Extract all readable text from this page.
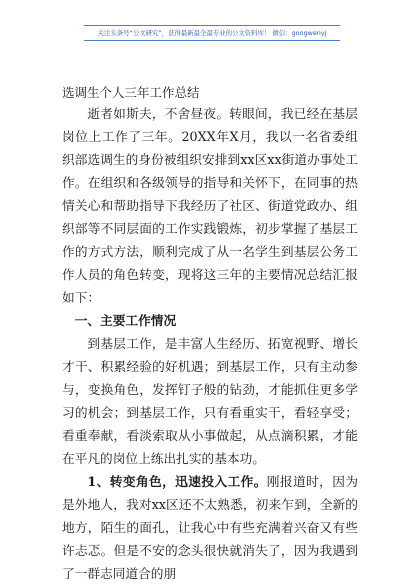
关注头条号“公文研究”，获得最新最全最专业的公文资料库！ 微信：gongwenyj
选调生个人三年工作总结

逝者如斯夫，不舍昼夜。转眼间，我已经在基层岗位上工作了三年。20XX年X月，我以一名省委组织部选调生的身份被组织安排到xx区xx街道办事处工作。在组织和各级领导的指导和关怀下，在同事的热情关心和帮助指导下我经历了社区、街道党政办、组织部等不同层面的工作实践锻炼，初步掌握了基层工作的方式方法，顺利完成了从一名学生到基层公务工作人员的角色转变，现将这三年的主要情况总结汇报如下：

一、主要工作情况

到基层工作，是丰富人生经历、拓宽视野、增长才干、积累经验的好机遇；到基层工作，只有主动参与，变换角色，发挥钉子般的钻劲，才能抓住更多学习的机会；到基层工作，只有看重实干，看轻享受；看重奉献，看淡索取从小事做起，从点滴积累，才能在平凡的岗位上练出扎实的基本功。

1、转变角色，迅速投入工作。刚报道时，因为是外地人，我对xx区还不太熟悉，初来乍到，全新的地方，陌生的面孔，让我心中有些充满着兴奋又有些许忐忑。但是不安的念头很快就消失了，因为我遇到了一群志同道合的朋
